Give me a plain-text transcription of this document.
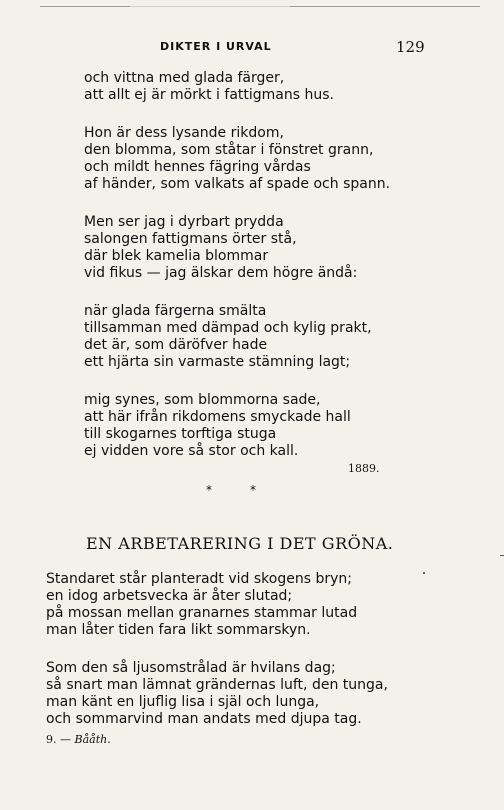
DIKTER I URVAL	129
och vittna med glada färger,
att allt ej är mörkt i fattigmans hus.
Hon är dess lysande rikdom,
den blomma, som ståtar i fönstret grann,
och mildt hennes fägring vårdas
af händer, som valkats af spade och spann.
Men ser jag i dyrbart prydda
salongen fattigmans örter stå,
där blek kamelia blommar
vid fikus — jag älskar dem högre ändå:
när glada färgerna smälta
tillsamman med dämpad och kylig prakt,
det är, som däröfver hade
ett hjärta sin varmaste stämning lagt;
mig synes, som blommorna sade,
att här ifrån rikdomens smyckade hall
till skogarnes torftiga stuga
ej vidden vore så stor och kall.
1889.
**
EN ARBETARERING I DET GRÖNA.
Standaret står planteradt vid skogens bryn;
en idog arbetsvecka är åter slutad;
på mossan mellan granarnes stammar lutad
man låter tiden fara likt sommarskyn.
Som den så ljusomstrålad är hvilans dag;
så snart man lämnat grändernas luft, den tunga,
man känt en ljuflig lisa i själ och lunga,
och sommarvind man andats med djupa tag.
9. — Bååth.
